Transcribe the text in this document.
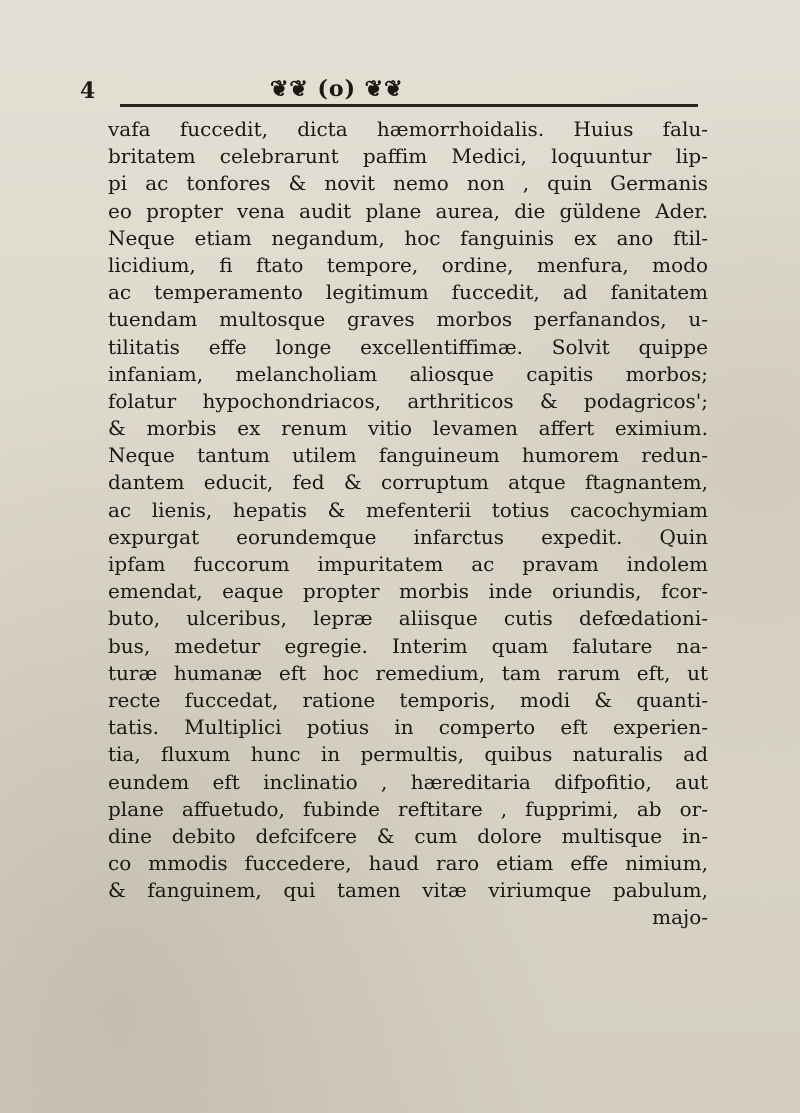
4	❦❦ (o) ❦❦
vafa fuccedit, dicta hæmorrhoidalis. Huius falu-
britatem celebrarunt paffim Medici, loquuntur lip-
pi ac tonfores & novit nemo non , quin Germanis
eo propter vena audit plane aurea, die güldene Ader.
Neque etiam negandum, hoc fanguinis ex ano ftil-
licidium, fi ftato tempore, ordine, menfura, modo
ac temperamento legitimum fuccedit, ad fanitatem
tuendam multosque graves morbos perfanandos, u-
tilitatis effe longe excellentiffimæ. Solvit quippe
infaniam, melancholiam aliosque capitis morbos;
folatur hypochondriacos, arthriticos & podagricos';
& morbis ex renum vitio levamen affert eximium.
Neque tantum utilem fanguineum humorem redun-
dantem educit, fed & corruptum atque ftagnantem,
ac lienis, hepatis & mefenterii totius cacochymiam
expurgat eorundemque infarctus expedit. Quin
ipfam fuccorum impuritatem ac pravam indolem
emendat, eaque propter morbis inde oriundis, fcor-
buto, ulceribus, lepræ aliisque cutis defœdationi-
bus, medetur egregie. Interim quam falutare na-
turæ humanæ eft hoc remedium, tam rarum eft, ut
recte fuccedat, ratione temporis, modi & quanti-
tatis. Multiplici potius in comperto eft experien-
tia, fluxum hunc in permultis, quibus naturalis ad
eundem eft inclinatio , hæreditaria difpofitio, aut
plane affuetudo, fubinde reftitare , fupprimi, ab or-
dine debito defcifcere & cum dolore multisque in-
co mmodis fuccedere, haud raro etiam effe nimium,
& fanguinem, qui tamen vitæ viriumque pabulum,
majo-
